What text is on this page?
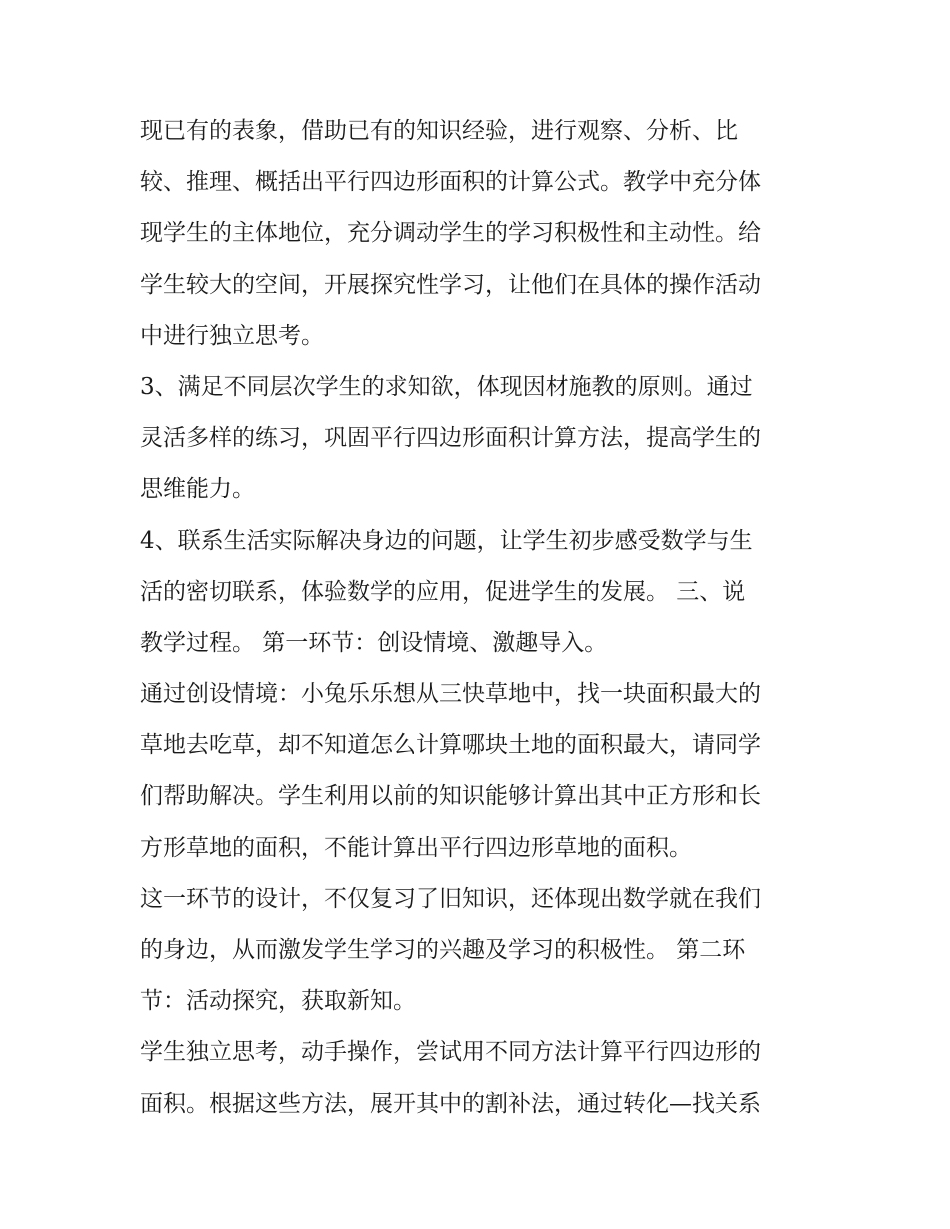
现已有的表象，借助已有的知识经验，进行观察、分析、比
较、推理、概括出平行四边形面积的计算公式。教学中充分体
现学生的主体地位，充分调动学生的学习积极性和主动性。给
学生较大的空间，开展探究性学习，让他们在具体的操作活动
中进行独立思考。
3、满足不同层次学生的求知欲，体现因材施教的原则。通过
灵活多样的练习，巩固平行四边形面积计算方法，提高学生的
思维能力。
4、联系生活实际解决身边的问题，让学生初步感受数学与生
活的密切联系，体验数学的应用，促进学生的发展。 三、说
教学过程。 第一环节：创设情境、激趣导入。
通过创设情境：小兔乐乐想从三快草地中，找一块面积最大的
草地去吃草，却不知道怎么计算哪块土地的面积最大，请同学
们帮助解决。学生利用以前的知识能够计算出其中正方形和长
方形草地的面积，不能计算出平行四边形草地的面积。
这一环节的设计，不仅复习了旧知识，还体现出数学就在我们
的身边，从而激发学生学习的兴趣及学习的积极性。 第二环
节：活动探究，获取新知。
学生独立思考，动手操作，尝试用不同方法计算平行四边形的
面积。根据这些方法，展开其中的割补法，通过转化—找关系
